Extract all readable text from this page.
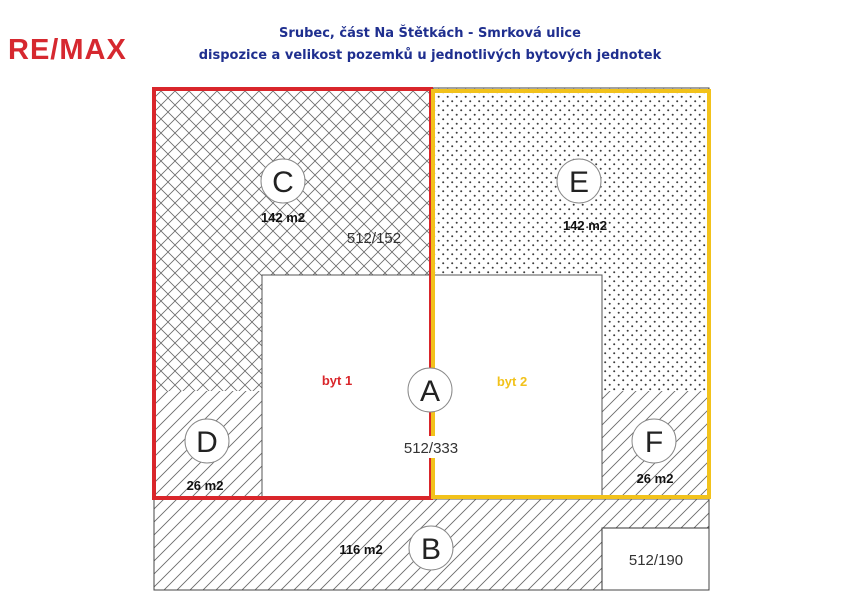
RE/MAX
Srubec, část Na Štětkách - Smrková ulice
dispozice a velikost pozemků u jednotlivých bytových jednotek
C	E
A
D	F
B
142 m2
142 m2
26 m2	26 m2
116 m2
512/152
512/333
512/190
byt 1	byt 2
